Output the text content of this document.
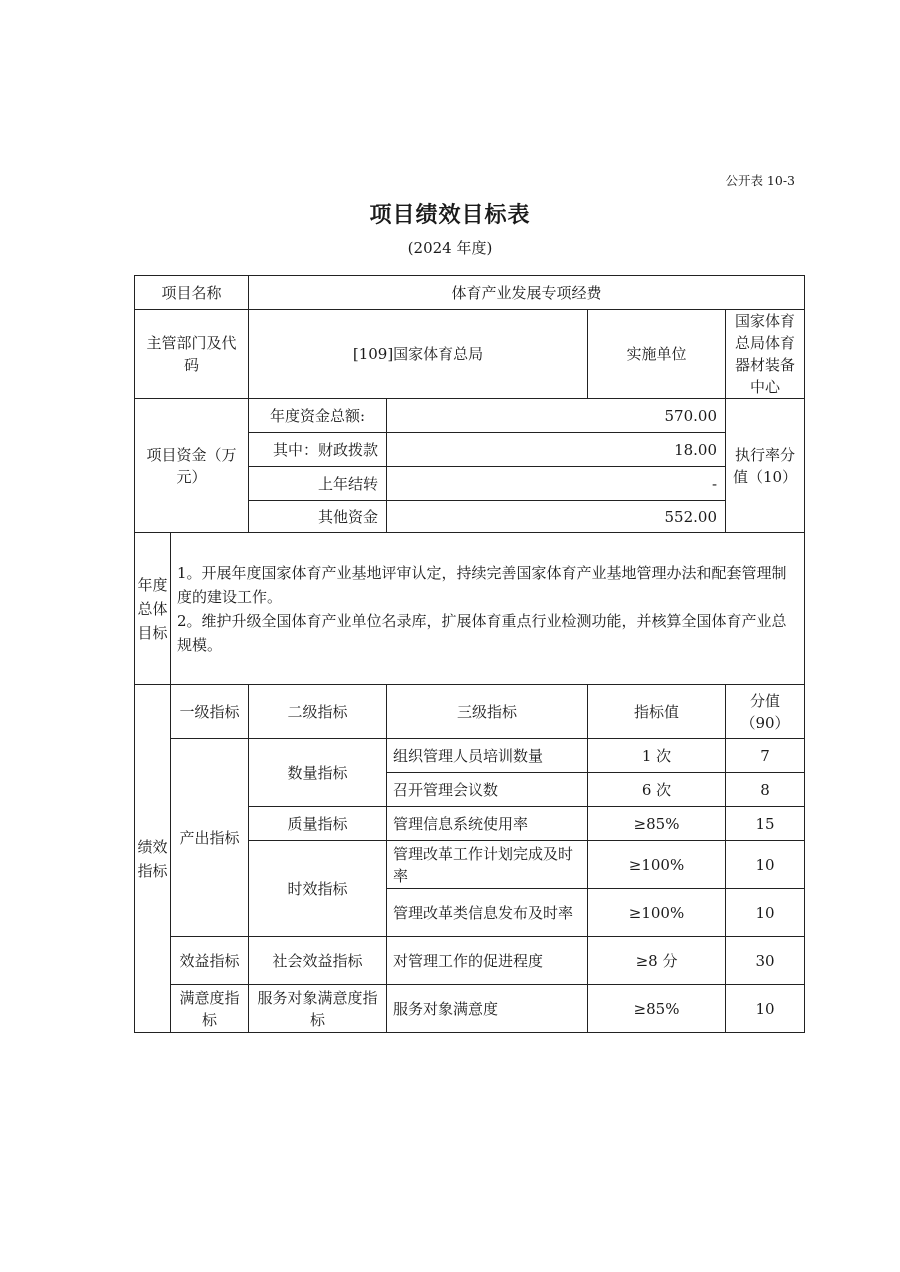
公开表 10-3
项目绩效目标表
(2024 年度)
项目名称		体育产业发展专项经费			
主管部门及代码		[109]国家体育总局		实施单位	国家体育总局体育器材装备中心
项目资金（万元）		年度资金总额:	570.00		执行率分值（10）
		其中：财政拨款	18.00		
		上年结转	-		
		其他资金	552.00		
年度总体目标	1。开展年度国家体育产业基地评审认定，持续完善国家体育产业基地管理办法和配套管理制度的建设工作。
2。维护升级全国体育产业单位名录库，扩展体育重点行业检测功能，并核算全国体育产业总规模。				

绩效指标	一级指标	二级指标	三级指标	指标值	分值（90）
	产出指标	数量指标	组织管理人员培训数量	1 次	7
			召开管理会议数	6 次	8
		质量指标	管理信息系统使用率	≥85%	15
		时效指标	管理改革工作计划完成及时率	≥100%	10
			管理改革类信息发布及时率	≥100%	10
	效益指标	社会效益指标	对管理工作的促进程度	≥8 分	30
	满意度指标	服务对象满意度指标	服务对象满意度	≥85%	10
